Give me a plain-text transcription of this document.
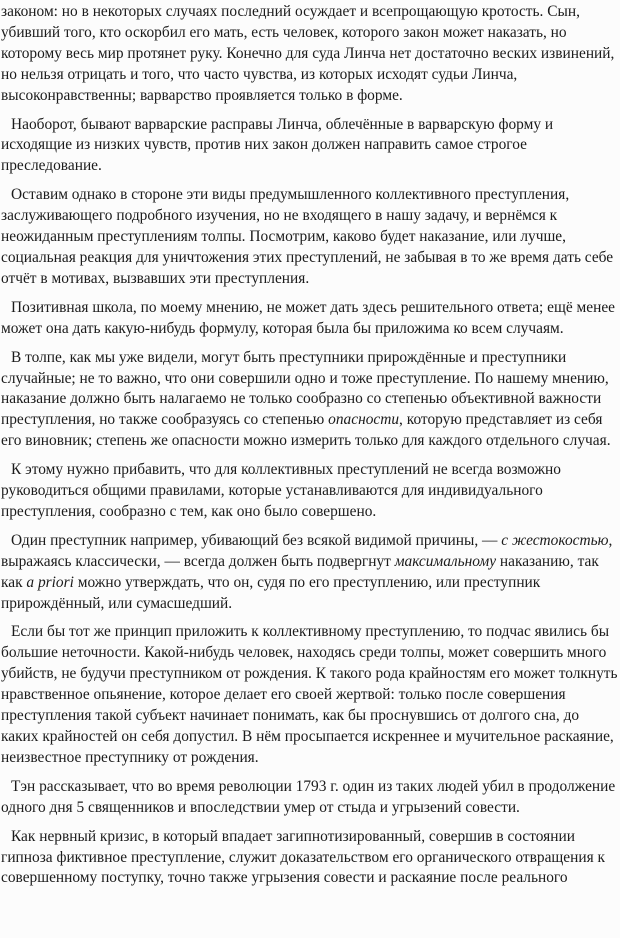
законом: но в некоторых случаях последний осуждает и всепрощающую кротость. Сын, убивший того, кто оскорбил его мать, есть человек, которого закон может наказать, но которому весь мир протянет руку. Конечно для суда Линча нет достаточно веских извинений, но нельзя отрицать и того, что часто чувства, из которых исходят судьи Линча, высоконравственны; варварство проявляется только в форме.

Наоборот, бывают варварские расправы Линча, облечённые в варварскую форму и исходящие из низких чувств, против них закон должен направить самое строгое преследование.

Оставим однако в стороне эти виды предумышленного коллективного преступления, заслуживающего подробного изучения, но не входящего в нашу задачу, и вернёмся к неожиданным преступлениям толпы. Посмотрим, каково будет наказание, или лучше, социальная реакция для уничтожения этих преступлений, не забывая в то же время дать себе отчёт в мотивах, вызвавших эти преступления.

Позитивная школа, по моему мнению, не может дать здесь решительного ответа; ещё менее может она дать какую-нибудь формулу, которая была бы приложима ко всем случаям.

В толпе, как мы уже видели, могут быть преступники прирождённые и преступники случайные; не то важно, что они совершили одно и тоже преступление. По нашему мнению, наказание должно быть налагаемо не только сообразно со степенью объективной важности преступления, но также сообразуясь со степенью опасности, которую представляет из себя его виновник; степень же опасности можно измерить только для каждого отдельного случая.

К этому нужно прибавить, что для коллективных преступлений не всегда возможно руководиться общими правилами, которые устанавливаются для индивидуального преступления, сообразно с тем, как оно было совершено.

Один преступник например, убивающий без всякой видимой причины, — с жестокостью, выражаясь классически, — всегда должен быть подвергнут максимальному наказанию, так как a priori можно утверждать, что он, судя по его преступлению, или преступник прирождённый, или сумасшедший.

Если бы тот же принцип приложить к коллективному преступлению, то подчас явились бы большие неточности. Какой-нибудь человек, находясь среди толпы, может совершить много убийств, не будучи преступником от рождения. К такого рода крайностям его может толкнуть нравственное опьянение, которое делает его своей жертвой: только после совершения преступления такой субъект начинает понимать, как бы проснувшись от долгого сна, до каких крайностей он себя допустил. В нём просыпается искреннее и мучительное раскаяние, неизвестное преступнику от рождения.

Тэн рассказывает, что во время революции 1793 г. один из таких людей убил в продолжение одного дня 5 священников и впоследствии умер от стыда и угрызений совести.

Как нервный кризис, в который впадает загипнотизированный, совершив в состоянии гипноза фиктивное преступление, служит доказательством его органического отвращения к совершенному поступку, точно также угрызения совести и раскаяние после реального
